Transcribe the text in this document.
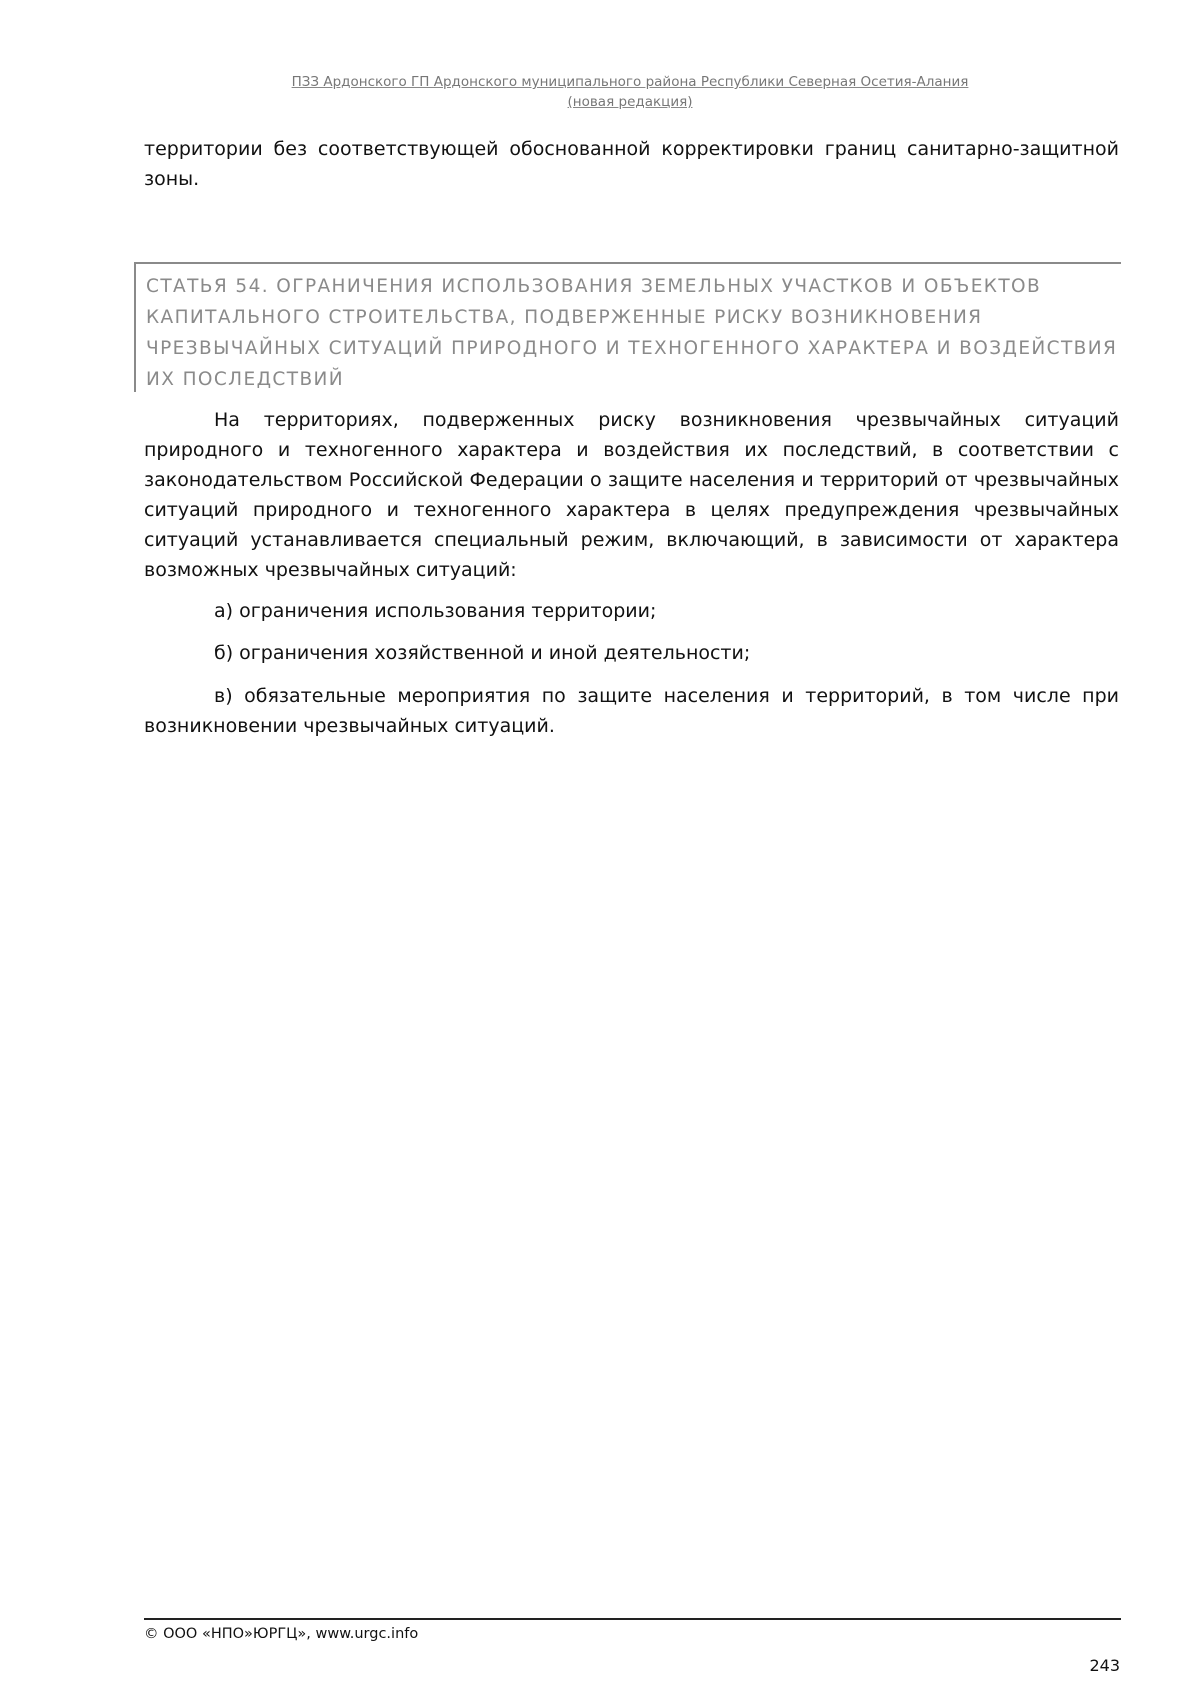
ПЗЗ Ардонского ГП Ардонского муниципального района Республики Северная Осетия-Алания
(новая редакция)

территории без соответствующей обоснованной корректировки границ санитарно-защитной зоны.

СТАТЬЯ 54. ОГРАНИЧЕНИЯ ИСПОЛЬЗОВАНИЯ ЗЕМЕЛЬНЫХ УЧАСТКОВ И ОБЪЕКТОВ КАПИТАЛЬНОГО СТРОИТЕЛЬСТВА, ПОДВЕРЖЕННЫЕ РИСКУ ВОЗНИКНОВЕНИЯ ЧРЕЗВЫЧАЙНЫХ СИТУАЦИЙ ПРИРОДНОГО И ТЕХНОГЕННОГО ХАРАКТЕРА И ВОЗДЕЙСТВИЯ ИХ ПОСЛЕДСТВИЙ

На территориях, подверженных риску возникновения чрезвычайных ситуаций природного и техногенного характера и воздействия их последствий, в соответствии с законодательством Российской Федерации о защите населения и территорий от чрезвычайных ситуаций природного и техногенного характера в целях предупреждения чрезвычайных ситуаций устанавливается специальный режим, включающий, в зависимости от характера возможных чрезвычайных ситуаций:

а) ограничения использования территории;

б) ограничения хозяйственной и иной деятельности;

в) обязательные мероприятия по защите населения и территорий, в том числе при возникновении чрезвычайных ситуаций.

© ООО «НПО»ЮРГЦ», www.urgc.info
243
